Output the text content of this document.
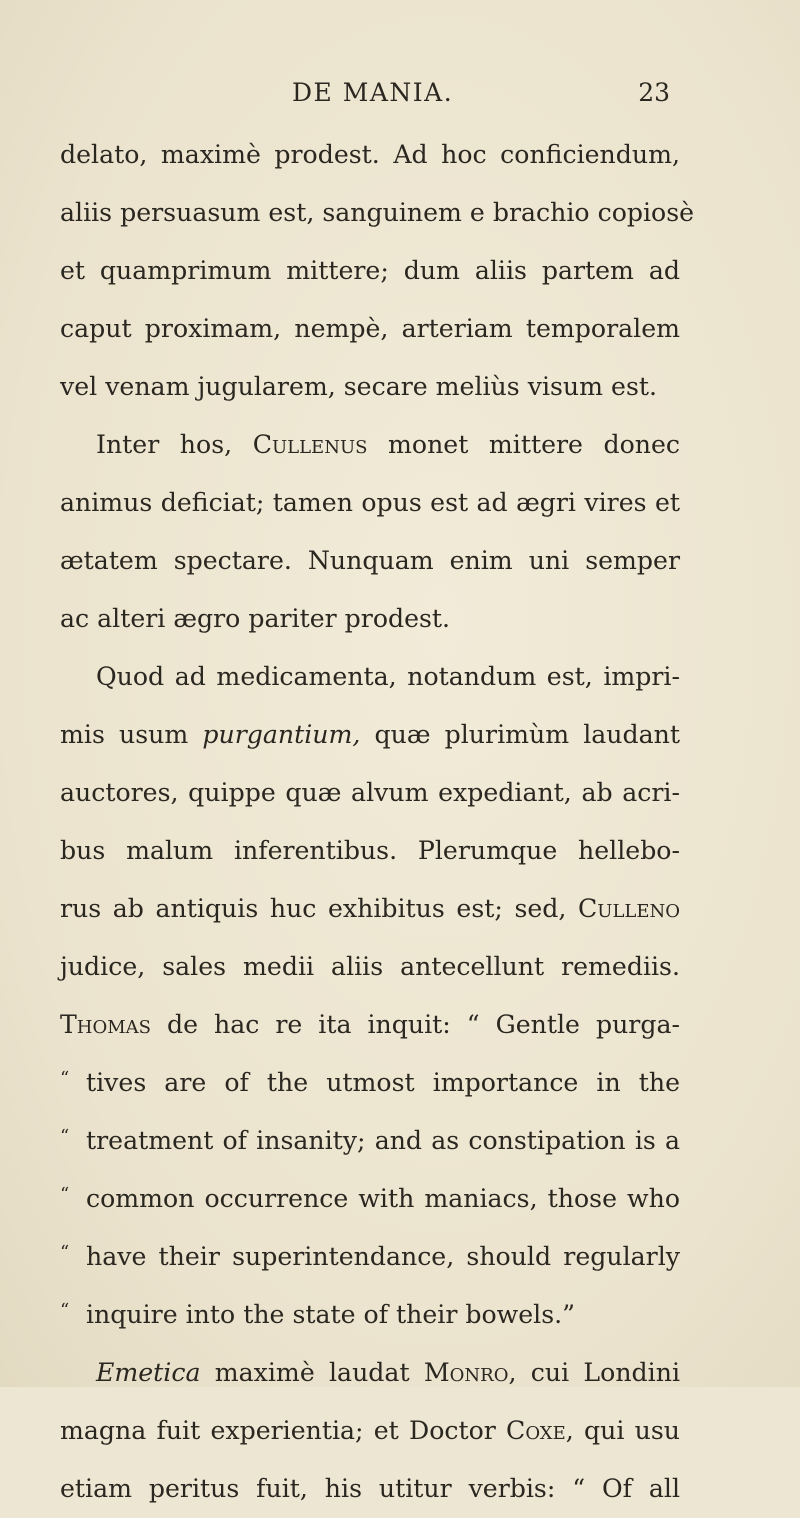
DE MANIA.	23
delato, maximè prodest. Ad hoc conficiendum,
aliis persuasum est, sanguinem e brachio copiosè
et quamprimum mittere; dum aliis partem ad
caput proximam, nempè, arteriam temporalem
vel venam jugularem, secare meliùs visum est.
Inter hos, Cullenus monet mittere donec
animus deficiat; tamen opus est ad ægri vires et
ætatem spectare. Nunquam enim uni semper
ac alteri ægro pariter prodest.
Quod ad medicamenta, notandum est, impri-
mis usum purgantium, quæ plurimùm laudant
auctores, quippe quæ alvum expediant, ab acri-
bus malum inferentibus. Plerumque hellebo-
rus ab antiquis huc exhibitus est; sed, Culleno
judice, sales medii aliis antecellunt remediis.
Thomas de hac re ita inquit: “ Gentle purga-
“ tives are of the utmost importance in the
“ treatment of insanity; and as constipation is a
“ common occurrence with maniacs, those who
“ have their superintendance, should regularly
“ inquire into the state of their bowels.”
Emetica maximè laudat Monro, cui Londini
magna fuit experientia; et Doctor Coxe, qui usu
etiam peritus fuit, his utitur verbis: “ Of all
